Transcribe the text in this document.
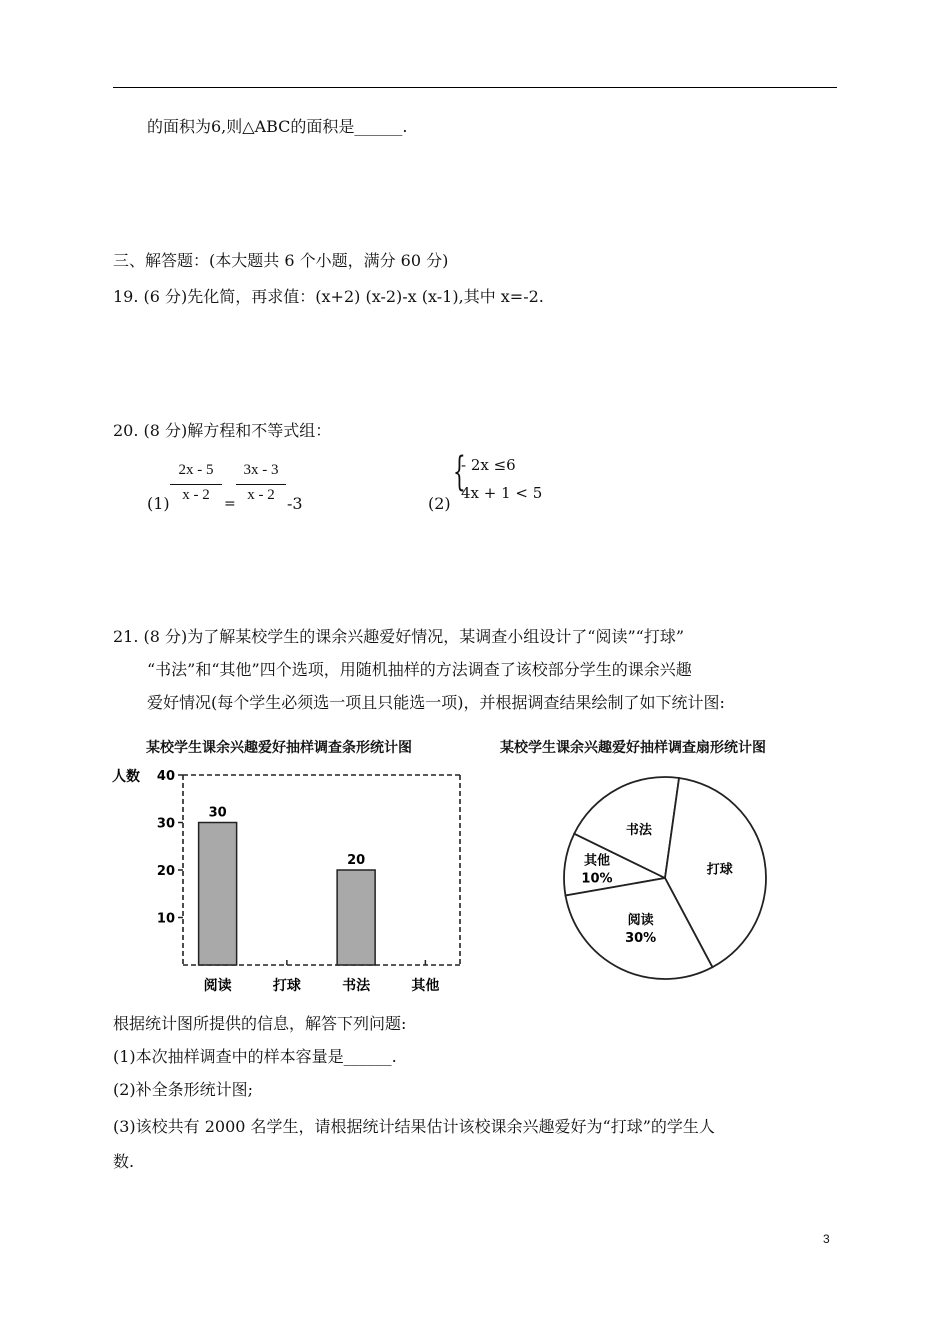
的面积为6,则△ABC的面积是______.
三、解答题：(本大题共 6 个小题，满分 60 分)
19. (6 分)先化简，再求值：(x+2) (x-2)-x (x-1),其中 x=-2.
20. (8 分)解方程和不等式组：
(1)
2x - 5
x - 2
=
3x - 3
x - 2 -3	(2)
{
- 2x ≤6
4x + 1 < 5
21. (8 分)为了解某校学生的课余兴趣爱好情况，某调查小组设计了“阅读”“打球”
“书法”和“其他”四个选项，用随机抽样的方法调查了该校部分学生的课余兴趣
爱好情况(每个学生必须选一项且只能选一项)，并根据调查结果绘制了如下统计图:
某校学生课余兴趣爱好抽样调查条形统计图	某校学生课余兴趣爱好抽样调查扇形统计图
人数
10
20
30
40
30
20
阅读	打球	书法	其他
其他
10%
书法
打球
阅读
30%
根据统计图所提供的信息，解答下列问题:
(1)本次抽样调查中的样本容量是______.
(2)补全条形统计图;
(3)该校共有 2000 名学生，请根据统计结果估计该校课余兴趣爱好为“打球”的学生人
数.
3
